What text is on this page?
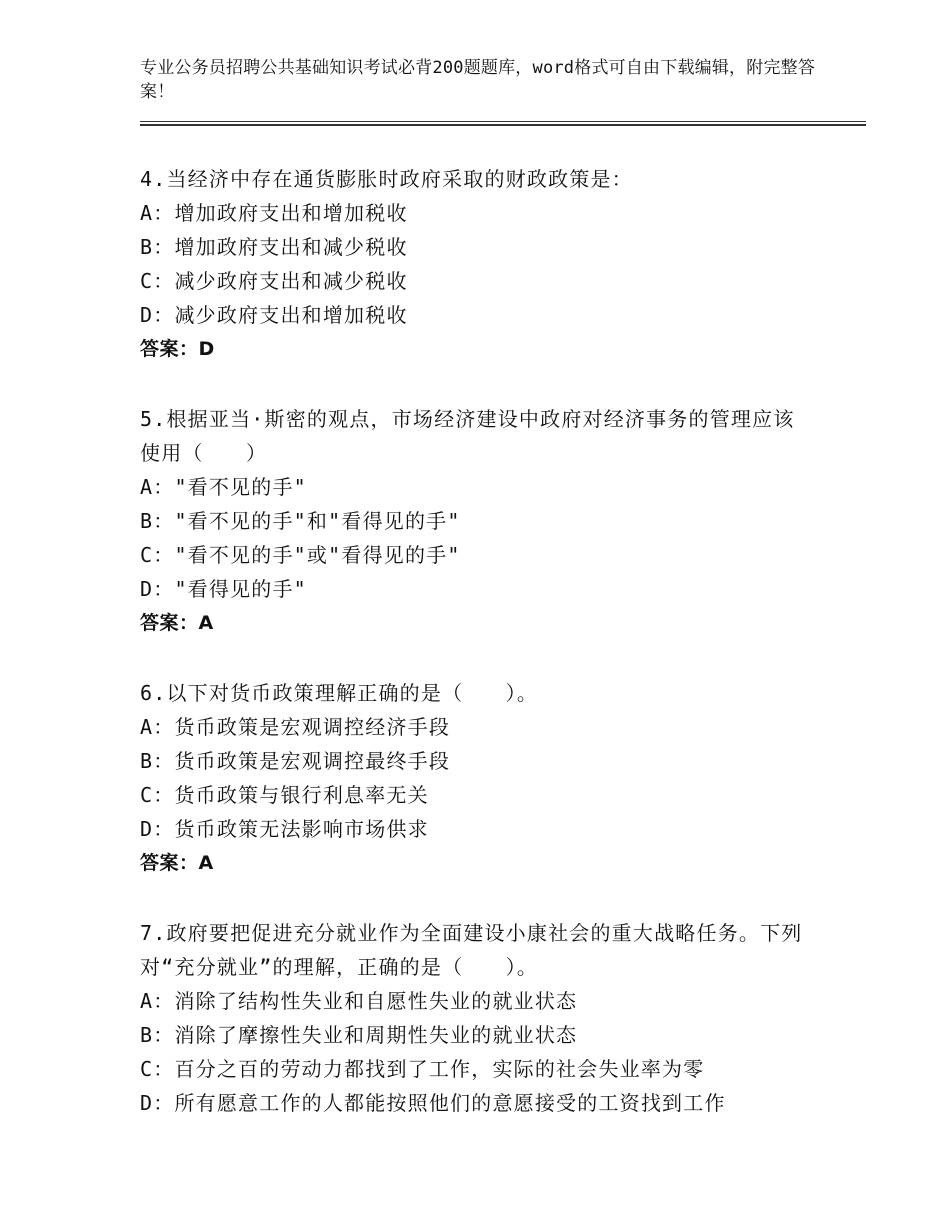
专业公务员招聘公共基础知识考试必背200题题库，word格式可自由下载编辑，附完整答案！
4.当经济中存在通货膨胀时政府采取的财政政策是：
A：增加政府支出和增加税收
B：增加政府支出和减少税收
C：减少政府支出和减少税收
D：减少政府支出和增加税收
答案：D
5.根据亚当·斯密的观点，市场经济建设中政府对经济事务的管理应该使用（　　）
A："看不见的手"
B："看不见的手"和"看得见的手"
C："看不见的手"或"看得见的手"
D："看得见的手"
答案：A
6.以下对货币政策理解正确的是（　　）。
A：货币政策是宏观调控经济手段
B：货币政策是宏观调控最终手段
C：货币政策与银行利息率无关
D：货币政策无法影响市场供求
答案：A
7.政府要把促进充分就业作为全面建设小康社会的重大战略任务。下列对“充分就业”的理解，正确的是（　　）。
A：消除了结构性失业和自愿性失业的就业状态
B：消除了摩擦性失业和周期性失业的就业状态
C：百分之百的劳动力都找到了工作，实际的社会失业率为零
D：所有愿意工作的人都能按照他们的意愿接受的工资找到工作
